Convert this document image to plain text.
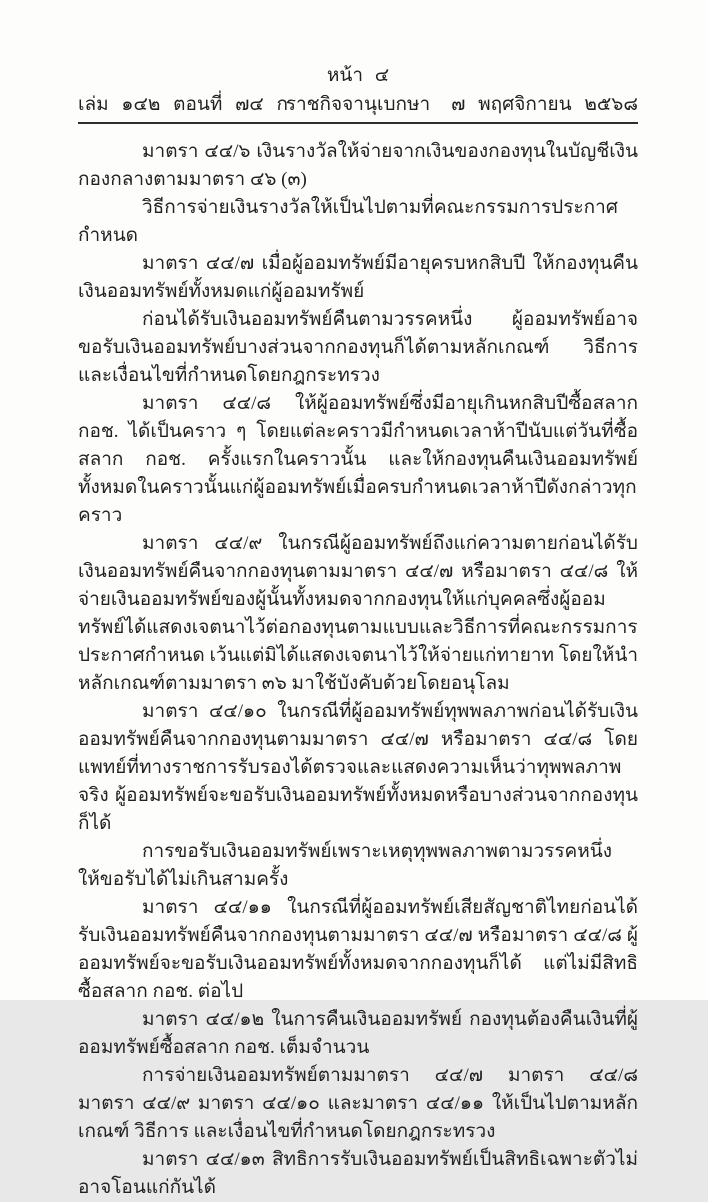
หน้า ๔
เล่ม ๑๔๒ ตอนที่ ๗๔ ก
ราชกิจจานุเบกษา	๗ พฤศจิกายน ๒๕๖๘

มาตรา ๔๔/๖ เงินรางวัลให้จ่ายจากเงินของกองทุนในบัญชีเงินกองกลางตามมาตรา ๔๖ (๓)

วิธีการจ่ายเงินรางวัลให้เป็นไปตามที่คณะกรรมการประกาศกำหนด

มาตรา ๔๔/๗ เมื่อผู้ออมทรัพย์มีอายุครบหกสิบปี ให้กองทุนคืนเงินออมทรัพย์ทั้งหมดแก่ผู้ออมทรัพย์

ก่อนได้รับเงินออมทรัพย์คืนตามวรรคหนึ่ง ผู้ออมทรัพย์อาจขอรับเงินออมทรัพย์บางส่วนจากกองทุนก็ได้ตามหลักเกณฑ์ วิธีการ และเงื่อนไขที่กำหนดโดยกฎกระทรวง

มาตรา ๔๔/๘ ให้ผู้ออมทรัพย์ซึ่งมีอายุเกินหกสิบปีซื้อสลาก กอช. ได้เป็นคราว ๆ โดยแต่ละคราวมีกำหนดเวลาห้าปีนับแต่วันที่ซื้อสลาก กอช. ครั้งแรกในคราวนั้น และให้กองทุนคืนเงินออมทรัพย์ทั้งหมดในคราวนั้นแก่ผู้ออมทรัพย์เมื่อครบกำหนดเวลาห้าปีดังกล่าวทุกคราว

มาตรา ๔๔/๙ ในกรณีผู้ออมทรัพย์ถึงแก่ความตายก่อนได้รับเงินออมทรัพย์คืนจากกองทุนตามมาตรา ๔๔/๗ หรือมาตรา ๔๔/๘ ให้จ่ายเงินออมทรัพย์ของผู้นั้นทั้งหมดจากกองทุนให้แก่บุคคลซึ่งผู้ออมทรัพย์ได้แสดงเจตนาไว้ต่อกองทุนตามแบบและวิธีการที่คณะกรรมการประกาศกำหนด เว้นแต่มิได้แสดงเจตนาไว้ให้จ่ายแก่ทายาท โดยให้นำหลักเกณฑ์ตามมาตรา ๓๖ มาใช้บังคับด้วยโดยอนุโลม

มาตรา ๔๔/๑๐ ในกรณีที่ผู้ออมทรัพย์ทุพพลภาพก่อนได้รับเงินออมทรัพย์คืนจากกองทุนตามมาตรา ๔๔/๗ หรือมาตรา ๔๔/๘ โดยแพทย์ที่ทางราชการรับรองได้ตรวจและแสดงความเห็นว่าทุพพลภาพจริง ผู้ออมทรัพย์จะขอรับเงินออมทรัพย์ทั้งหมดหรือบางส่วนจากกองทุนก็ได้

การขอรับเงินออมทรัพย์เพราะเหตุทุพพลภาพตามวรรคหนึ่ง ให้ขอรับได้ไม่เกินสามครั้ง

มาตรา ๔๔/๑๑ ในกรณีที่ผู้ออมทรัพย์เสียสัญชาติไทยก่อนได้รับเงินออมทรัพย์คืนจากกองทุนตามมาตรา ๔๔/๗ หรือมาตรา ๔๔/๘ ผู้ออมทรัพย์จะขอรับเงินออมทรัพย์ทั้งหมดจากกองทุนก็ได้ แต่ไม่มีสิทธิซื้อสลาก กอช. ต่อไป

มาตรา ๔๔/๑๒ ในการคืนเงินออมทรัพย์ กองทุนต้องคืนเงินที่ผู้ออมทรัพย์ซื้อสลาก กอช. เต็มจำนวน

การจ่ายเงินออมทรัพย์ตามมาตรา ๔๔/๗ มาตรา ๔๔/๘ มาตรา ๔๔/๙ มาตรา ๔๔/๑๐ และมาตรา ๔๔/๑๑ ให้เป็นไปตามหลักเกณฑ์ วิธีการ และเงื่อนไขที่กำหนดโดยกฎกระทรวง

มาตรา ๔๔/๑๓ สิทธิการรับเงินออมทรัพย์เป็นสิทธิเฉพาะตัวไม่อาจโอนแก่กันได้
